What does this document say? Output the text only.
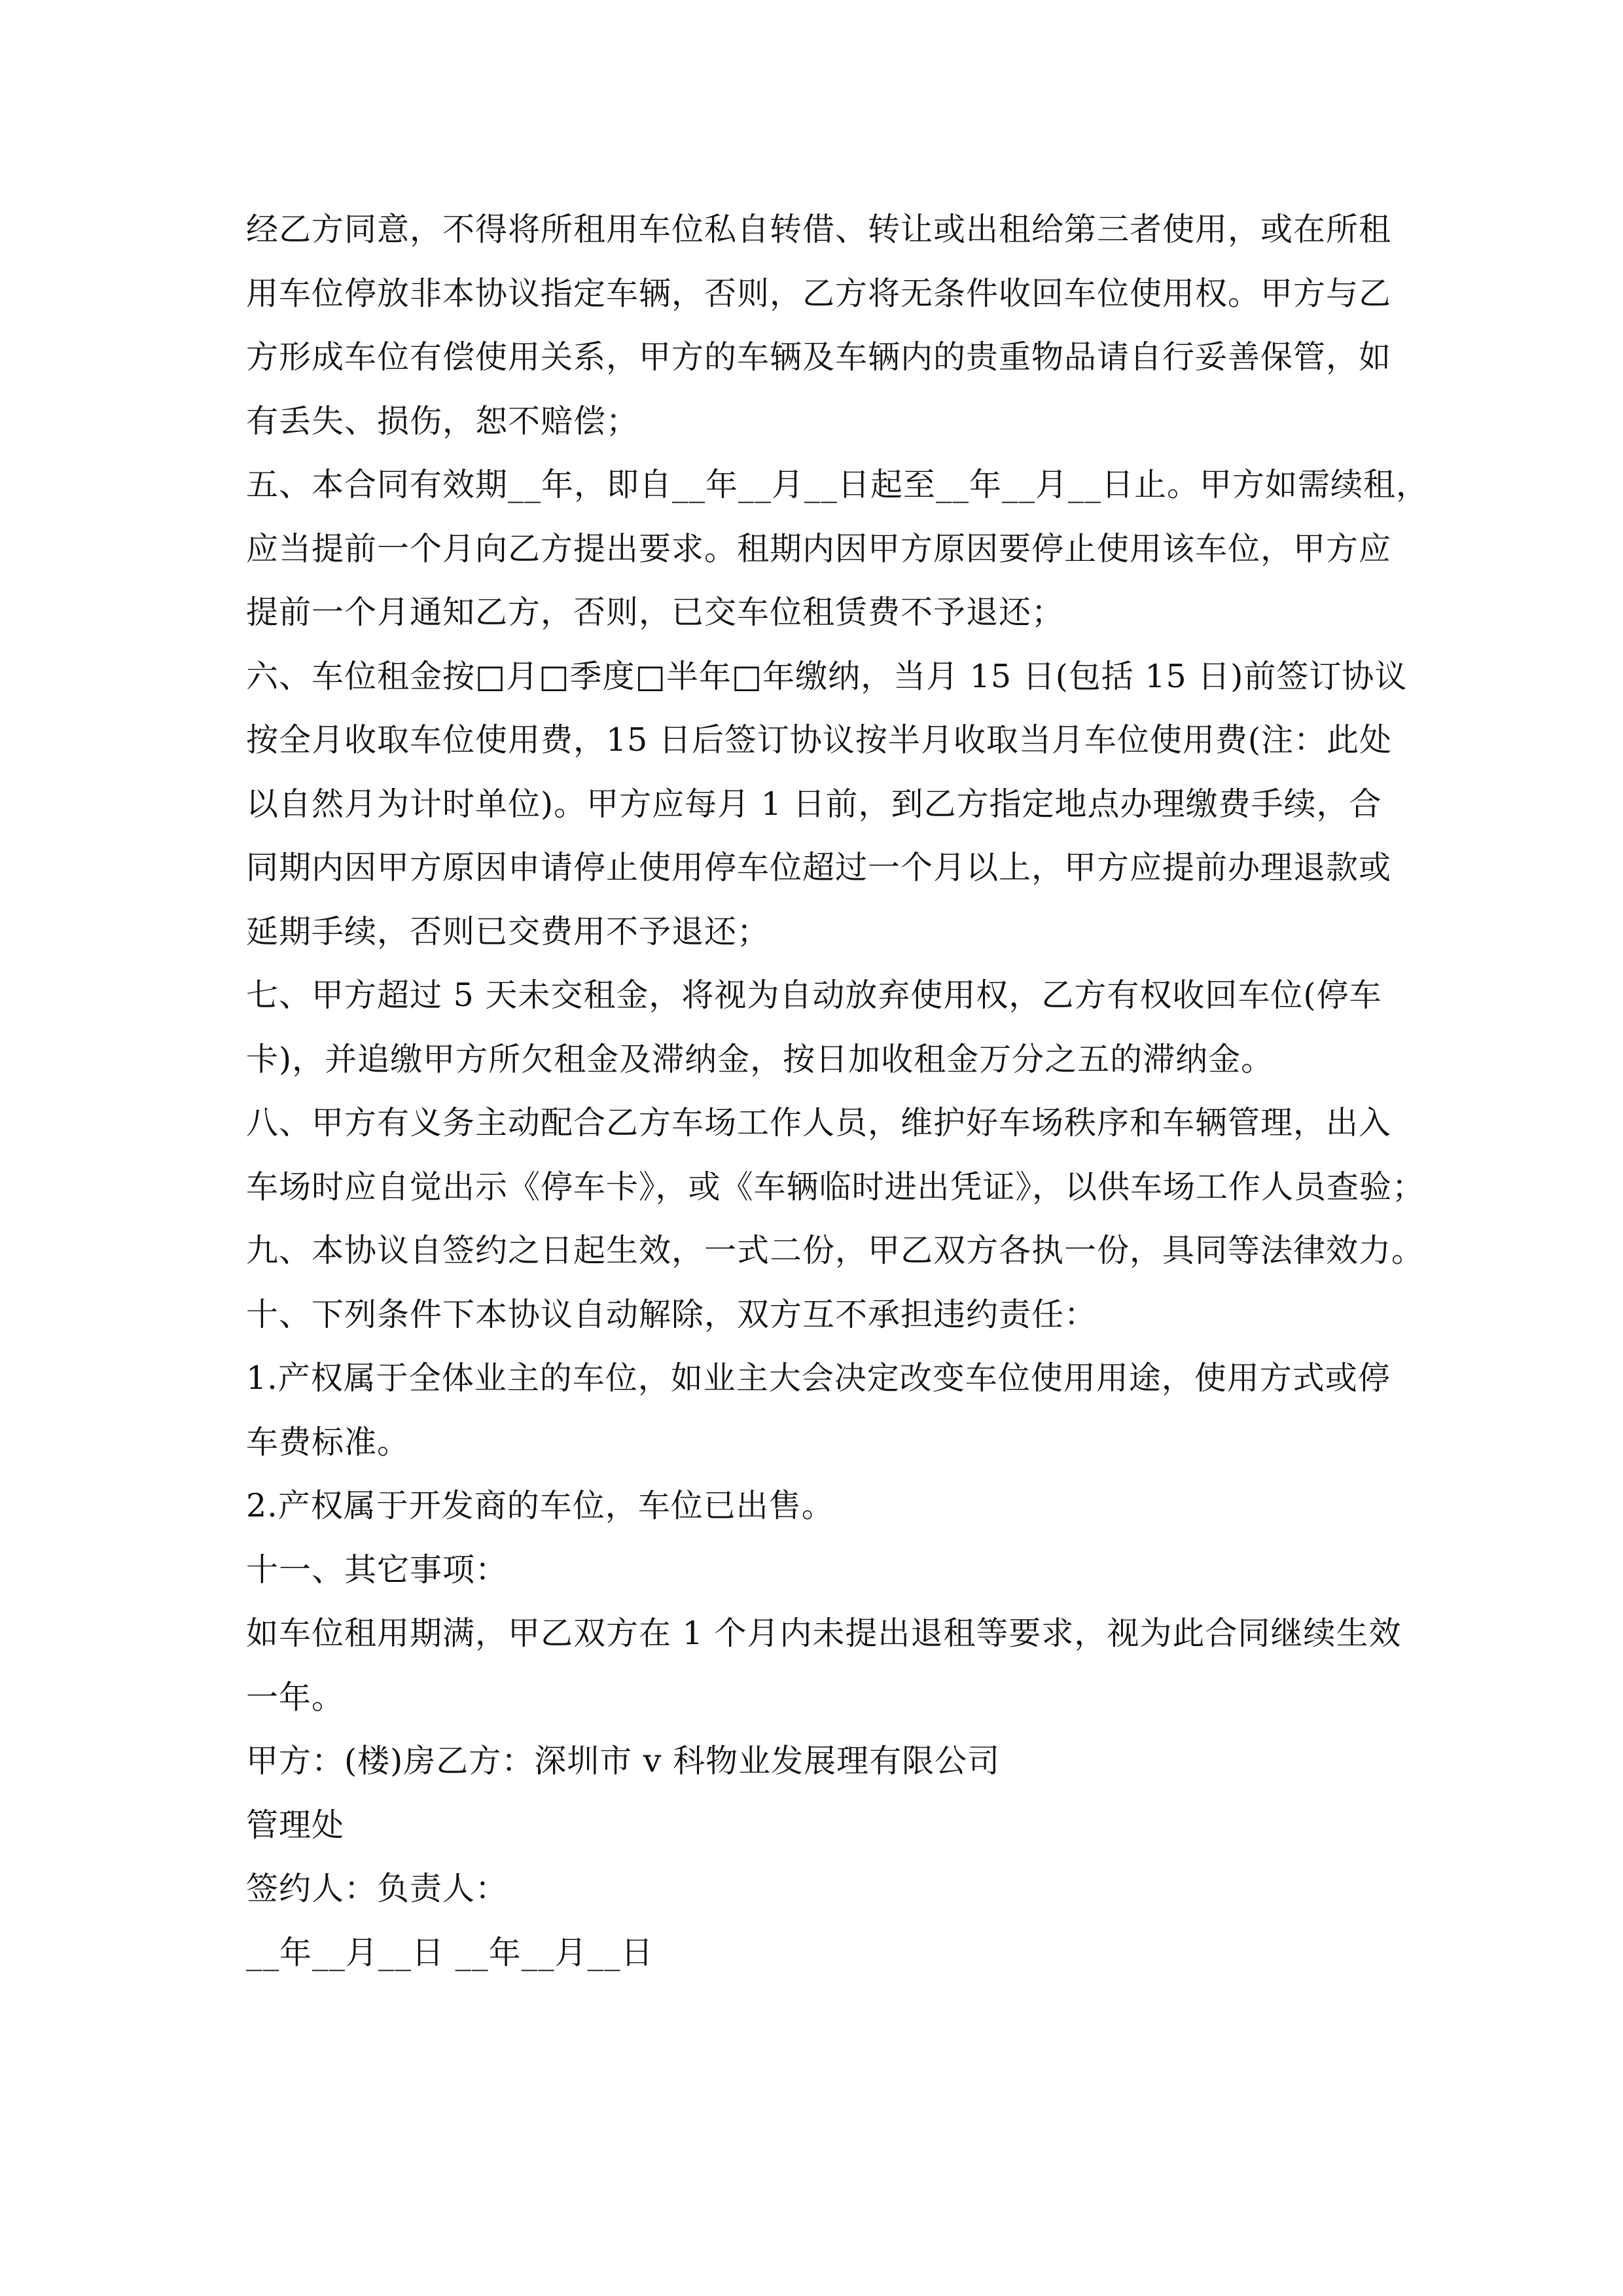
经乙方同意，不得将所租用车位私自转借、转让或出租给第三者使用，或在所租
用车位停放非本协议指定车辆，否则，乙方将无条件收回车位使用权。甲方与乙
方形成车位有偿使用关系，甲方的车辆及车辆内的贵重物品请自行妥善保管，如
有丢失、损伤，恕不赔偿；
五、本合同有效期__年，即自__年__月__日起至__年__月__日止。甲方如需续租，
应当提前一个月向乙方提出要求。租期内因甲方原因要停止使用该车位，甲方应
提前一个月通知乙方，否则，已交车位租赁费不予退还；
六、车位租金按□月□季度□半年□年缴纳，当月 15 日(包括 15 日)前签订协议
按全月收取车位使用费，15 日后签订协议按半月收取当月车位使用费(注：此处
以自然月为计时单位)。甲方应每月 1 日前，到乙方指定地点办理缴费手续，合
同期内因甲方原因申请停止使用停车位超过一个月以上，甲方应提前办理退款或
延期手续，否则已交费用不予退还；
七、甲方超过 5 天未交租金，将视为自动放弃使用权，乙方有权收回车位(停车
卡)，并追缴甲方所欠租金及滞纳金，按日加收租金万分之五的滞纳金。
八、甲方有义务主动配合乙方车场工作人员，维护好车场秩序和车辆管理，出入
车场时应自觉出示《停车卡》，或《车辆临时进出凭证》，以供车场工作人员查验；
九、本协议自签约之日起生效，一式二份，甲乙双方各执一份，具同等法律效力。
十、下列条件下本协议自动解除，双方互不承担违约责任：
1.产权属于全体业主的车位，如业主大会决定改变车位使用用途，使用方式或停
车费标准。
2.产权属于开发商的车位，车位已出售。
十一、其它事项：
如车位租用期满，甲乙双方在 1 个月内未提出退租等要求，视为此合同继续生效
一年。
甲方：(楼)房乙方：深圳市 v 科物业发展理有限公司
管理处
签约人：负责人：
__年__月__日 __年__月__日
